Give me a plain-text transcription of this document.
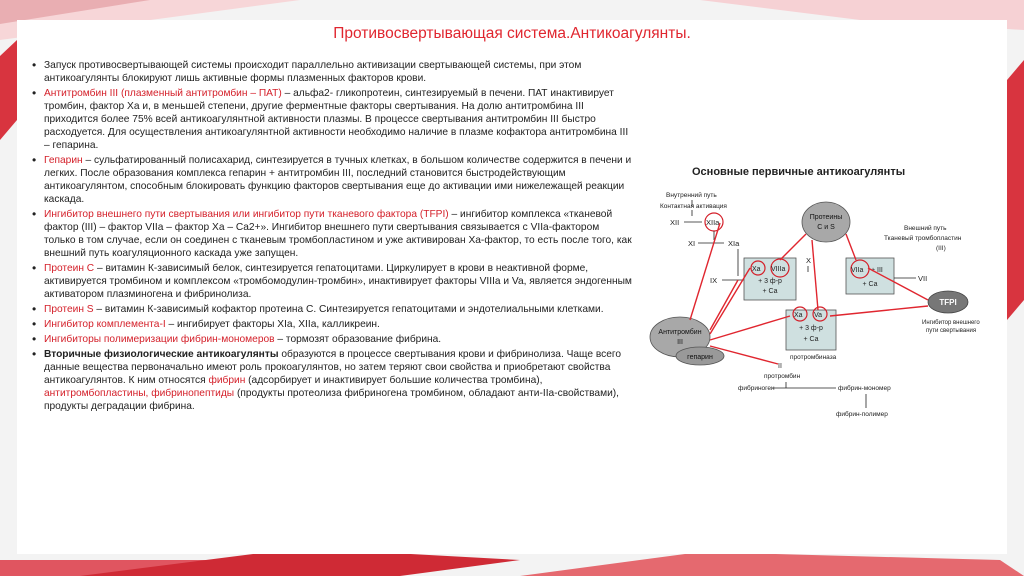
Противосвертывающая система.Антикоагулянты.
• Запуск противосвертывающей системы происходит параллельно активизации свертывающей системы, при этом антикоагулянты блокируют лишь активные формы плазменных факторов крови.
• Антитромбин III (плазменный антитромбин – ПАТ) – альфа2- гликопротеин, синтезируемый в печени. ПАТ инактивирует тромбин, фактор Ха и, в меньшей степени, другие ферментные факторы свертывания. На долю антитромбина III приходится более 75% всей антикоагулянтной активности плазмы. В процессе свертывания антитромбин III быстро расходуется. Для осуществления антикоагулянтной активности необходимо наличие в плазме кофактора антитромбина III – гепарина.
• Гепарин – сульфатированный полисахарид, синтезируется в тучных клетках, в большом количестве содержится в печени и легких. После образования комплекса гепарин + антитромбин III, последний становится быстродействующим антикоагулянтом, способным блокировать функцию факторов свертывания еще до активации ими нижележащей реакции каскада.
• Ингибитор внешнего пути свертывания или ингибитор пути тканевого фактора (TFPI) – ингибитор комплекса «тканевой фактор (III) – фактор VIIa – фактор Xa – Ca2+». Ингибитор внешнего пути свертывания связывается с VIIa-фактором только в том случае, если он соединен с тканевым тромбопластином и уже активирован Ха-фактор, то есть после того, как внешний путь коагуляционного каскада уже запущен.
• Протеин С – витамин К-зависимый белок, синтезируется гепатоцитами. Циркулирует в крови в неактивной форме, активируется тромбином и комплексом «тромбомодулин-тромбин», инактивирует факторы VIIIa и Va, является эндогенным активатором плазминогена и фибринолиза.
• Протеин S – витамин К-зависимый кофактор протеина С. Синтезируется гепатоцитами и эндотелиальными клетками.
• Ингибитор комплемента-I – ингибирует факторы XIa, XIIa, калликреин.
• Ингибиторы полимеризации фибрин-мономеров – тормозят образование фибрина.
• Вторичные физиологические антикоагулянты образуются в процессе свертывания крови и фибринолиза. Чаще всего данные вещества первоначально имеют роль прокоагулянтов, но затем теряют свои свойства и приобретают свойства антикоагулянтов. К ним относятся фибрин (адсорбирует и инактивирует большие количества тромбина), антитромбопластины, фибринопептиды (продукты протеолиза фибриногена тромбином, обладают анти-IIa-свойствами), продукты деградации фибрина.
Основные первичные антикоагулянты
Внутренний путь
Контактная активация
XII	XIIa
XI	XIa
IX
Протеины
C и S	Внешний путь
Тканевый тромбопластин
(III)
X
Xa VIIIa
+ 3 ф-р
+ Ca
VIIa + III
+ Ca
VII
TFPI
Ингибитор внешнего
пути свертывания
Xa Va
+ 3 ф-р
+ Ca
протромбиназа
Антитромбин
III
гепарин
II
протромбин
фибриноген	фибрин-мономер
фибрин-полимер
